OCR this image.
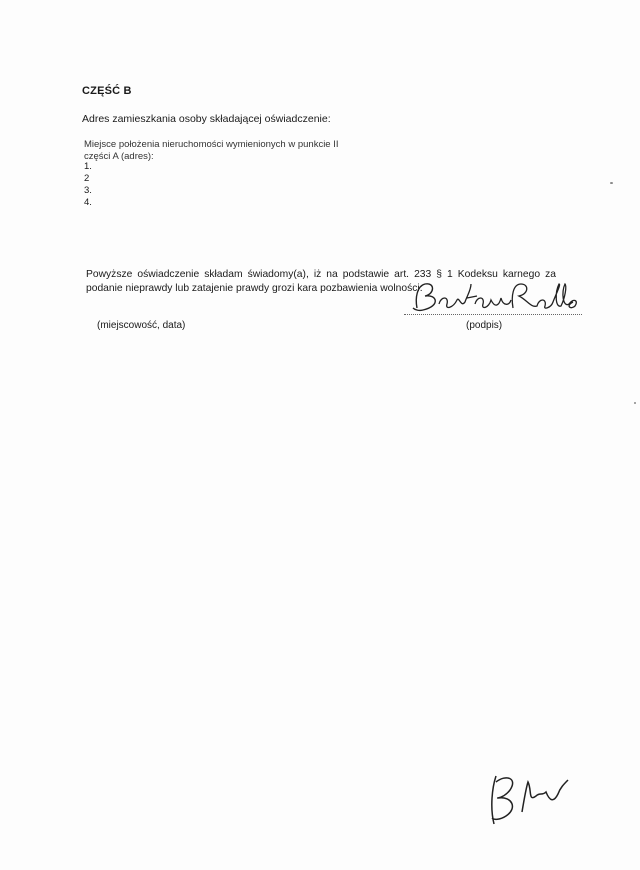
CZĘŚĆ B
Adres zamieszkania osoby składającej oświadczenie:
Miejsce położenia nieruchomości wymienionych w punkcie II
części A (adres):
1.
2
3.
4.
Powyższe oświadczenie składam świadomy(a), iż na podstawie art. 233 § 1 Kodeksu karnego za podanie nieprawdy lub zatajenie prawdy grozi kara pozbawienia wolności.
(miejscowość, data)	(podpis)
